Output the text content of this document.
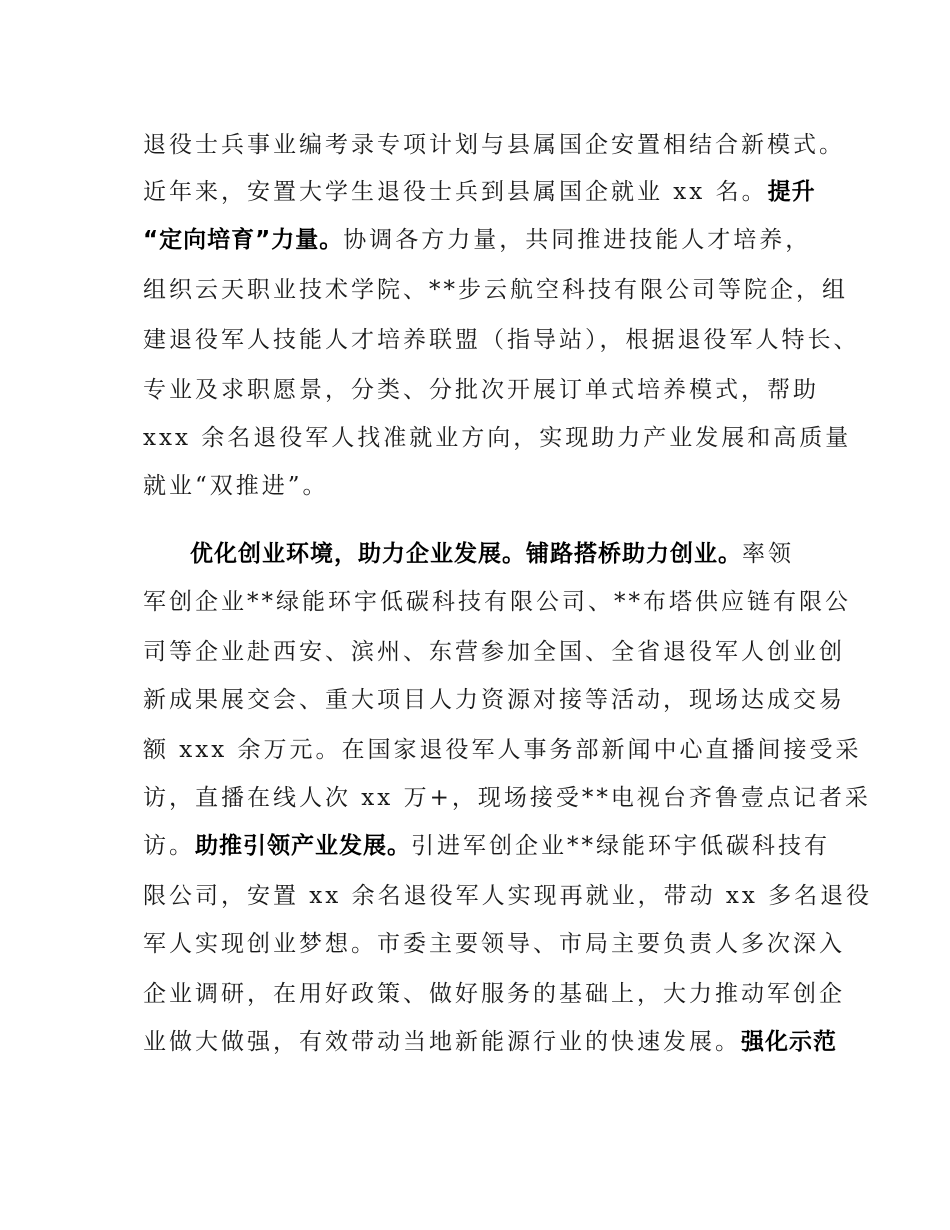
退役士兵事业编考录专项计划与县属国企安置相结合新模式。
近年来，安置大学生退役士兵到县属国企就业 xx 名。提升
“定向培育”力量。协调各方力量，共同推进技能人才培养，
组织云天职业技术学院、**步云航空科技有限公司等院企，组
建退役军人技能人才培养联盟（指导站），根据退役军人特长、
专业及求职愿景，分类、分批次开展订单式培养模式，帮助
xxx 余名退役军人找准就业方向，实现助力产业发展和高质量
就业“双推进”。
优化创业环境，助力企业发展。铺路搭桥助力创业。率领
军创企业**绿能环宇低碳科技有限公司、**布塔供应链有限公
司等企业赴西安、滨州、东营参加全国、全省退役军人创业创
新成果展交会、重大项目人力资源对接等活动，现场达成交易
额 xxx 余万元。在国家退役军人事务部新闻中心直播间接受采
访，直播在线人次 xx 万+，现场接受**电视台齐鲁壹点记者采
访。助推引领产业发展。引进军创企业**绿能环宇低碳科技有
限公司，安置 xx 余名退役军人实现再就业，带动 xx 多名退役
军人实现创业梦想。市委主要领导、市局主要负责人多次深入
企业调研，在用好政策、做好服务的基础上，大力推动军创企
业做大做强，有效带动当地新能源行业的快速发展。强化示范
